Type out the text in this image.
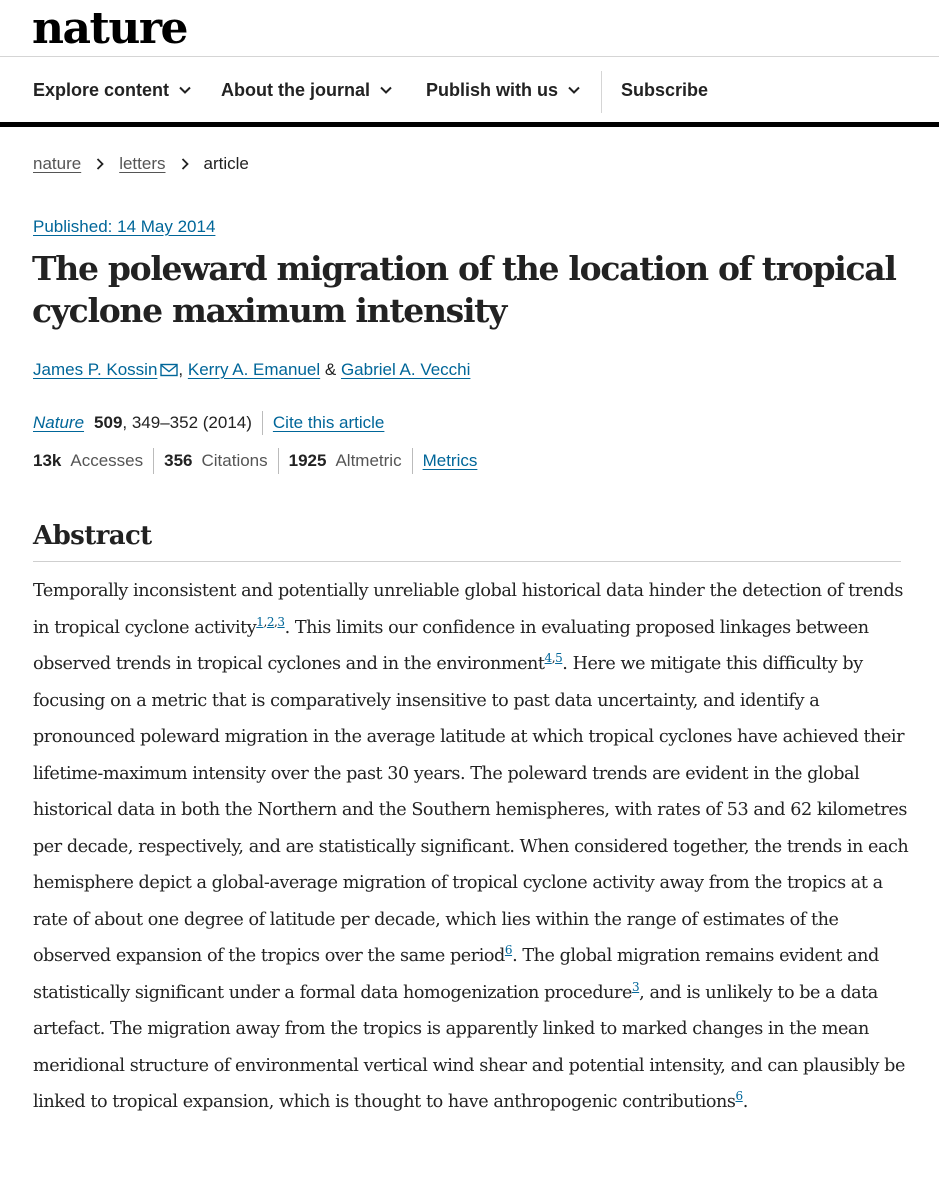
nature
Explore content	About the journal	Publish with us	Subscribe
nature letters article
Published: 14 May 2014
The poleward migration of the location of tropical cyclone maximum intensity
James P. Kossin , Kerry A. Emanuel & Gabriel A. Vecchi
Nature 509 , 349–352 (2014) Cite this article
13k Accesses 356 Citations 1925 Altmetric Metrics
Abstract

Temporally inconsistent and potentially unreliable global historical data hinder the detection of trends in tropical cyclone activity$^{1,2,3}$. This limits our confidence in evaluating proposed linkages between observed trends in tropical cyclones and in the environment$^{4,5}$. Here we mitigate this difficulty by focusing on a metric that is comparatively insensitive to past data uncertainty, and identify a pronounced poleward migration in the average latitude at which tropical cyclones have achieved their lifetime-maximum intensity over the past 30 years. The poleward trends are evident in the global historical data in both the Northern and the Southern hemispheres, with rates of 53 and 62 kilometres per decade, respectively, and are statistically significant. When considered together, the trends in each hemisphere depict a global-average migration of tropical cyclone activity away from the tropics at a rate of about one degree of latitude per decade, which lies within the range of estimates of the observed expansion of the tropics over the same period$^6$. The global migration remains evident and statistically significant under a formal data homogenization procedure$^3$, and is unlikely to be a data artefact. The migration away from the tropics is apparently linked to marked changes in the mean meridional structure of environmental vertical wind shear and potential intensity, and can plausibly be linked to tropical expansion, which is thought to have anthropogenic contributions$^6$.
